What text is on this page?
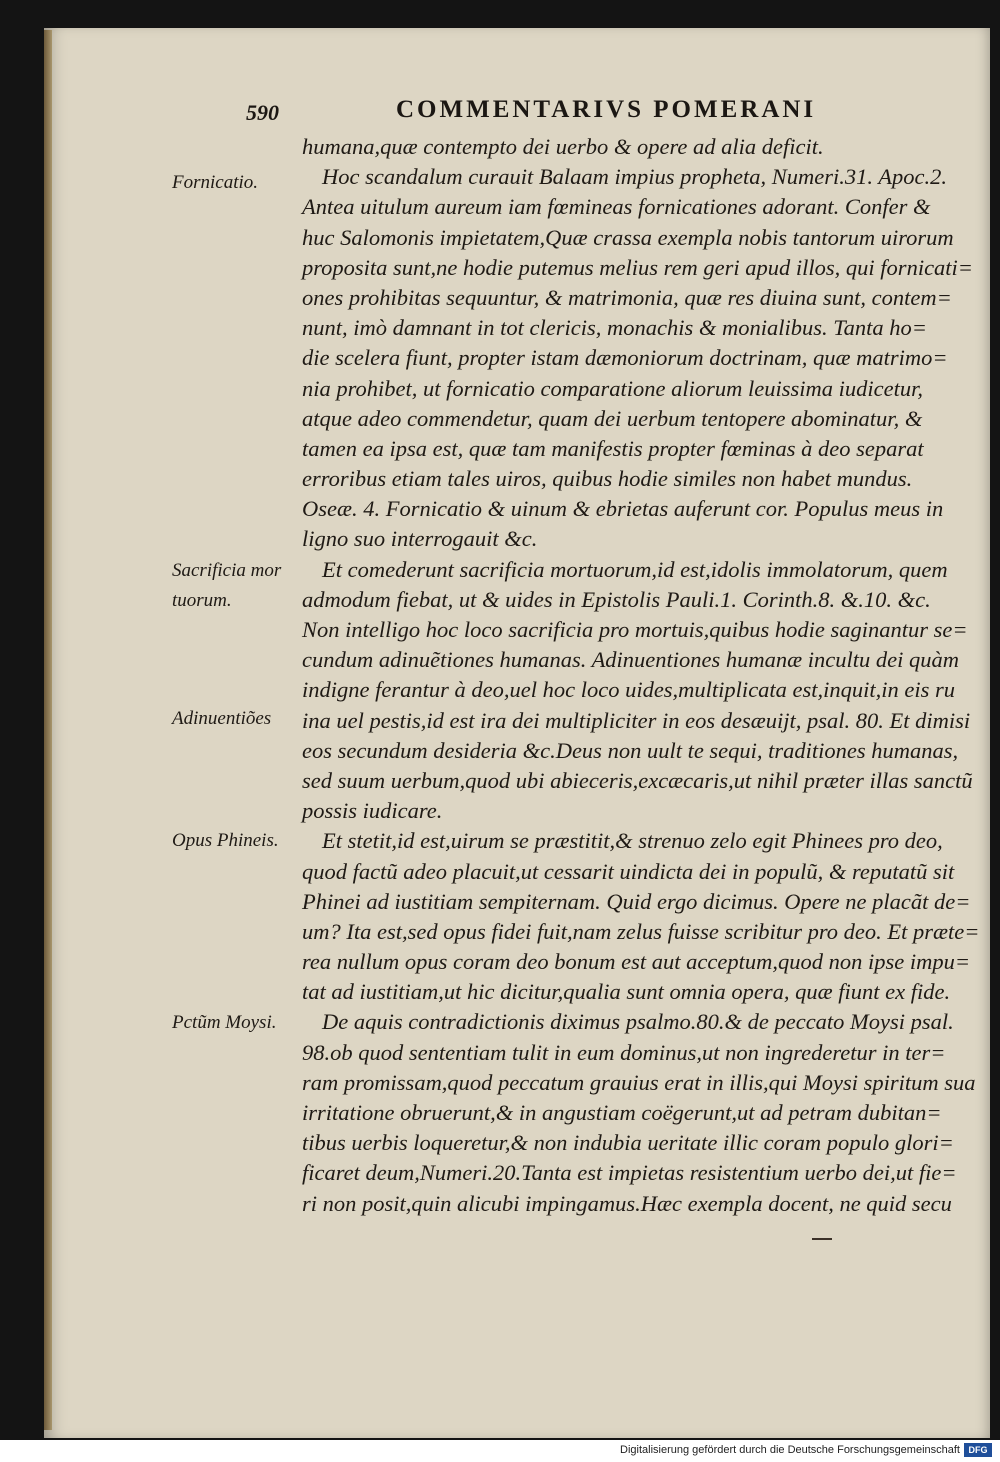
590	COMMENTARIVS POMERANI
Fornicatio.
Sacrificia mor
tuorum.
Adinuentiões
Opus Phineis.
Pctũm Moysi.
humana,quæ contempto dei uerbo & opere ad alia deficit.
Hoc scandalum curauit Balaam impius propheta, Numeri.31. Apoc.2.
Antea uitulum aureum iam fœmineas fornicationes adorant. Confer &
huc Salomonis impietatem,Quæ crassa exempla nobis tantorum uirorum
proposita sunt,ne hodie putemus melius rem geri apud illos, qui fornicati=
ones prohibitas sequuntur, & matrimonia, quæ res diuina sunt, contem=
nunt, imò damnant in tot clericis, monachis & monialibus. Tanta ho=
die scelera fiunt, propter istam dæmoniorum doctrinam, quæ matrimo=
nia prohibet, ut fornicatio comparatione aliorum leuissima iudicetur,
atque adeo commendetur, quam dei uerbum tentopere abominatur, &
tamen ea ipsa est, quæ tam manifestis propter fœminas à deo separat
erroribus etiam tales uiros, quibus hodie similes non habet mundus.
Oseæ. 4. Fornicatio & uinum & ebrietas auferunt cor. Populus meus in
ligno suo interrogauit &c.
Et comederunt sacrificia mortuorum,id est,idolis immolatorum, quem
admodum fiebat, ut & uides in Epistolis Pauli.1. Corinth.8. &.10. &c.
Non intelligo hoc loco sacrificia pro mortuis,quibus hodie saginantur se=
cundum adinuẽtiones humanas. Adinuentiones humanæ incultu dei quàm
indigne ferantur à deo,uel hoc loco uides,multiplicata est,inquit,in eis ru
ina uel pestis,id est ira dei multipliciter in eos desæuijt, psal. 80. Et dimisi
eos secundum desideria &c.Deus non uult te sequi, traditiones humanas,
sed suum uerbum,quod ubi abieceris,excæcaris,ut nihil præter illas sanctũ
possis iudicare.
Et stetit,id est,uirum se præstitit,& strenuo zelo egit Phinees pro deo,
quod factũ adeo placuit,ut cessarit uindicta dei in populũ, & reputatũ sit
Phinei ad iustitiam sempiternam. Quid ergo dicimus. Opere ne placãt de=
um? Ita est,sed opus fidei fuit,nam zelus fuisse scribitur pro deo. Et præte=
rea nullum opus coram deo bonum est aut acceptum,quod non ipse impu=
tat ad iustitiam,ut hic dicitur,qualia sunt omnia opera, quæ fiunt ex fide.
De aquis contradictionis diximus psalmo.80.& de peccato Moysi psal.
98.ob quod sententiam tulit in eum dominus,ut non ingrederetur in ter=
ram promissam,quod peccatum grauius erat in illis,qui Moysi spiritum sua
irritatione obruerunt,& in angustiam coëgerunt,ut ad petram dubitan=
tibus uerbis loqueretur,& non indubia ueritate illic coram populo glori=
ficaret deum,Numeri.20.Tanta est impietas resistentium uerbo dei,ut fie=
ri non posit,quin alicubi impingamus.Hæc exempla docent, ne quid secu
Digitalisierung gefördert durch die Deutsche Forschungsgemeinschaft DFG
